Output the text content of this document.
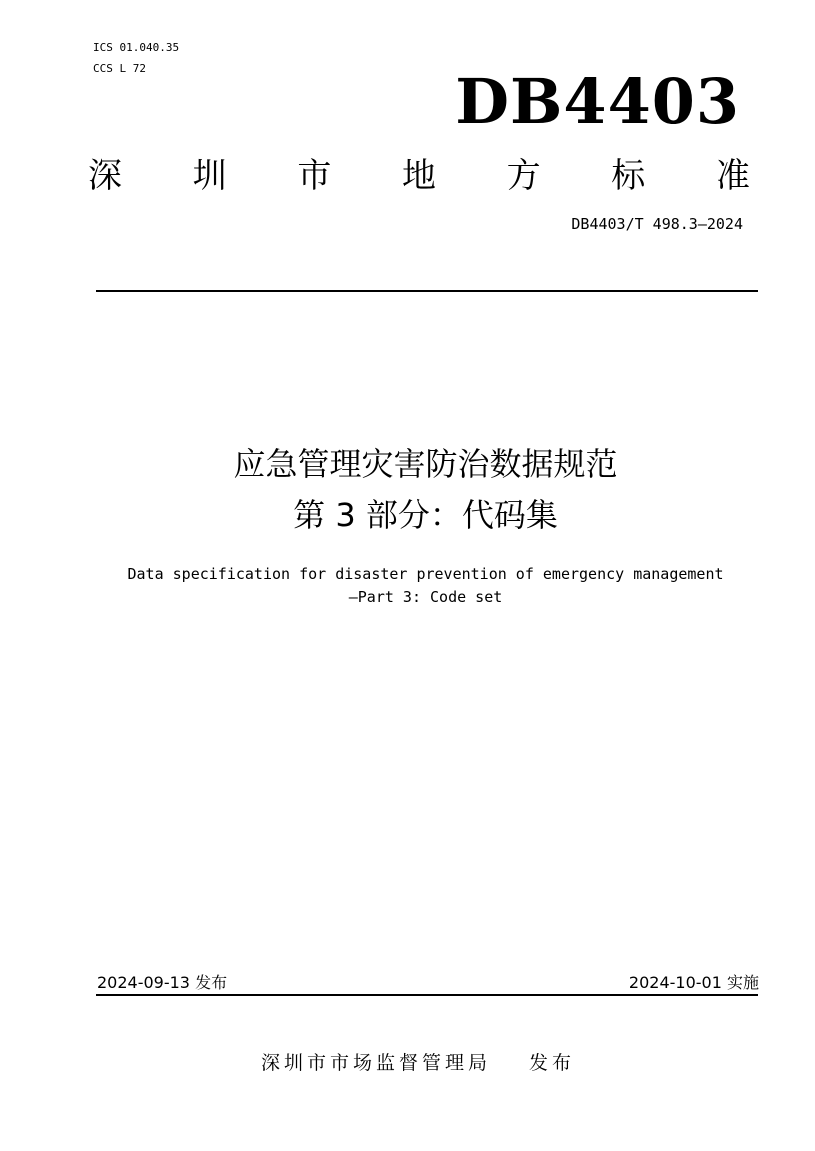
ICS 01.040.35
CCS L 72	DB4403
深 圳 市 地 方 标 准
DB4403/T 498.3—2024
应急管理灾害防治数据规范
第 3 部分：代码集
Data specification for disaster prevention of emergency management
—Part 3: Code set
2024-09-13 发布	2024-10-01 实施
深圳市市场监督管理局 发布
